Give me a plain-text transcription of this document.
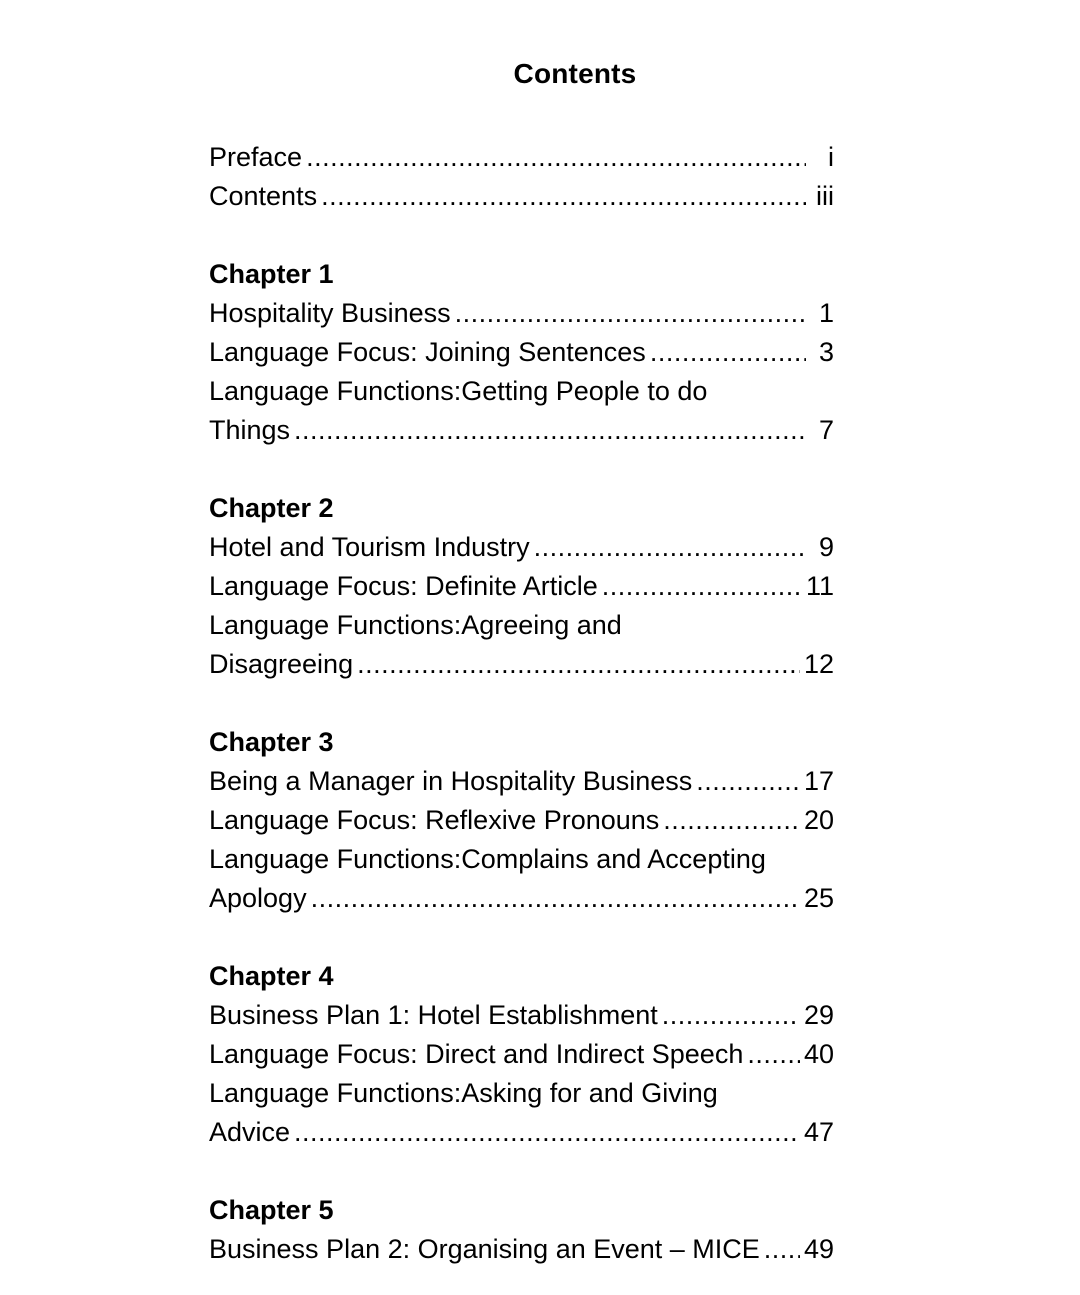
Contents
Preface .....	i
Contents .....	iii
Chapter 1
Hospitality Business .....	1
Language Focus: Joining Sentences .....	3
Language Functions:Getting People to do
Things .....	7
Chapter 2
Hotel and Tourism Industry .....	9
Language Focus: Definite Article .....	11
Language Functions:Agreeing and
Disagreeing .....	12
Chapter 3
Being a Manager in Hospitality Business .....	17
Language Focus: Reflexive Pronouns .....	20
Language Functions:Complains and Accepting
Apology .....	25
Chapter 4
Business Plan 1: Hotel Establishment .....	29
Language Focus: Direct and Indirect Speech ..... 40
Language Functions:Asking for and Giving
Advice .....	47
Chapter 5
Business Plan 2: Organising an Event – MICE ..... 49
